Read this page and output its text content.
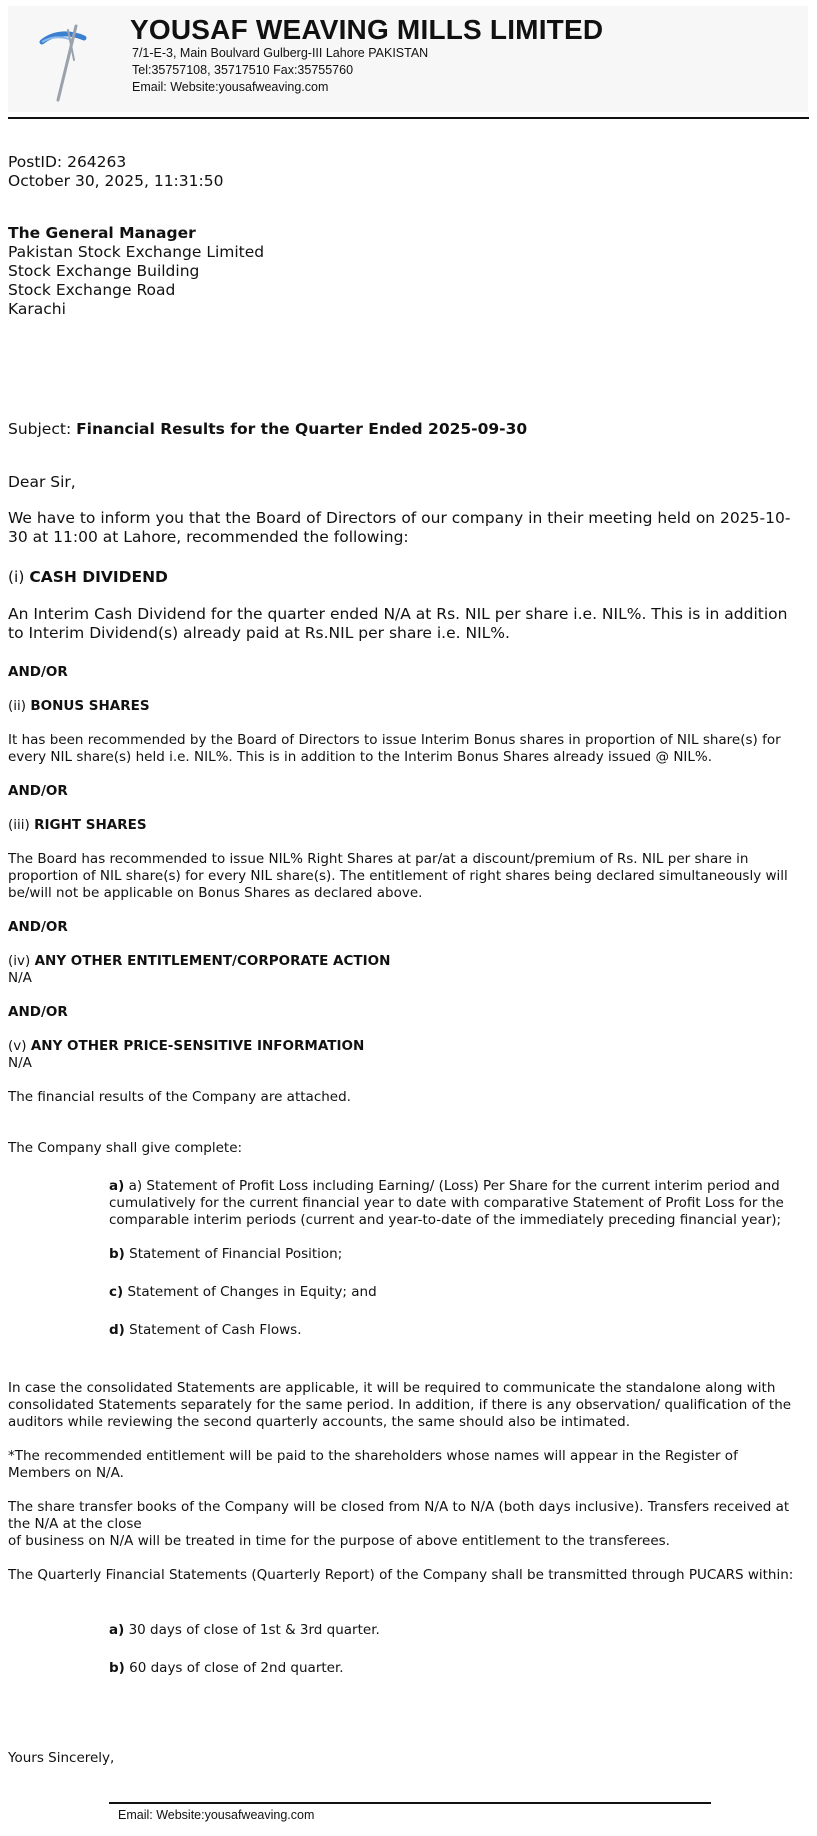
YOUSAF WEAVING MILLS LIMITED
7/1-E-3, Main Boulvard Gulberg-III Lahore PAKISTAN
Tel:35757108, 35717510 Fax:35755760
Email: Website:yousafweaving.com
PostID: 264263
October 30, 2025, 11:31:50
The General Manager
Pakistan Stock Exchange Limited
Stock Exchange Building
Stock Exchange Road
Karachi
Subject: Financial Results for the Quarter Ended 2025-09-30
Dear Sir,
We have to inform you that the Board of Directors of our company in their meeting held on 2025-10-30 at 11:00 at Lahore, recommended the following:
(i) CASH DIVIDEND
An Interim Cash Dividend for the quarter ended N/A at Rs. NIL per share i.e. NIL%. This is in addition to Interim Dividend(s) already paid at Rs.NIL per share i.e. NIL%.
AND/OR
(ii) BONUS SHARES
It has been recommended by the Board of Directors to issue Interim Bonus shares in proportion of NIL share(s) for every NIL share(s) held i.e. NIL%. This is in addition to the Interim Bonus Shares already issued @ NIL%.
AND/OR
(iii) RIGHT SHARES
The Board has recommended to issue NIL% Right Shares at par/at a discount/premium of Rs. NIL per share in proportion of NIL share(s) for every NIL share(s). The entitlement of right shares being declared simultaneously will be/will not be applicable on Bonus Shares as declared above.
AND/OR
(iv) ANY OTHER ENTITLEMENT/CORPORATE ACTION
N/A
AND/OR
(v) ANY OTHER PRICE-SENSITIVE INFORMATION
N/A
The financial results of the Company are attached.
The Company shall give complete:
a) a) Statement of Profit Loss including Earning/ (Loss) Per Share for the current interim period and cumulatively for the current financial year to date with comparative Statement of Profit Loss for the comparable interim periods (current and year-to-date of the immediately preceding financial year);
b) Statement of Financial Position;
c) Statement of Changes in Equity; and
d) Statement of Cash Flows.
In case the consolidated Statements are applicable, it will be required to communicate the standalone along with consolidated Statements separately for the same period. In addition, if there is any observation/ qualification of the auditors while reviewing the second quarterly accounts, the same should also be intimated.
*The recommended entitlement will be paid to the shareholders whose names will appear in the Register of Members on N/A.
The share transfer books of the Company will be closed from N/A to N/A (both days inclusive). Transfers received at the N/A at the close
of business on N/A will be treated in time for the purpose of above entitlement to the transferees.
The Quarterly Financial Statements (Quarterly Report) of the Company shall be transmitted through PUCARS within:
a) 30 days of close of 1st & 3rd quarter.
b) 60 days of close of 2nd quarter.
Yours Sincerely,
Email: Website:yousafweaving.com
